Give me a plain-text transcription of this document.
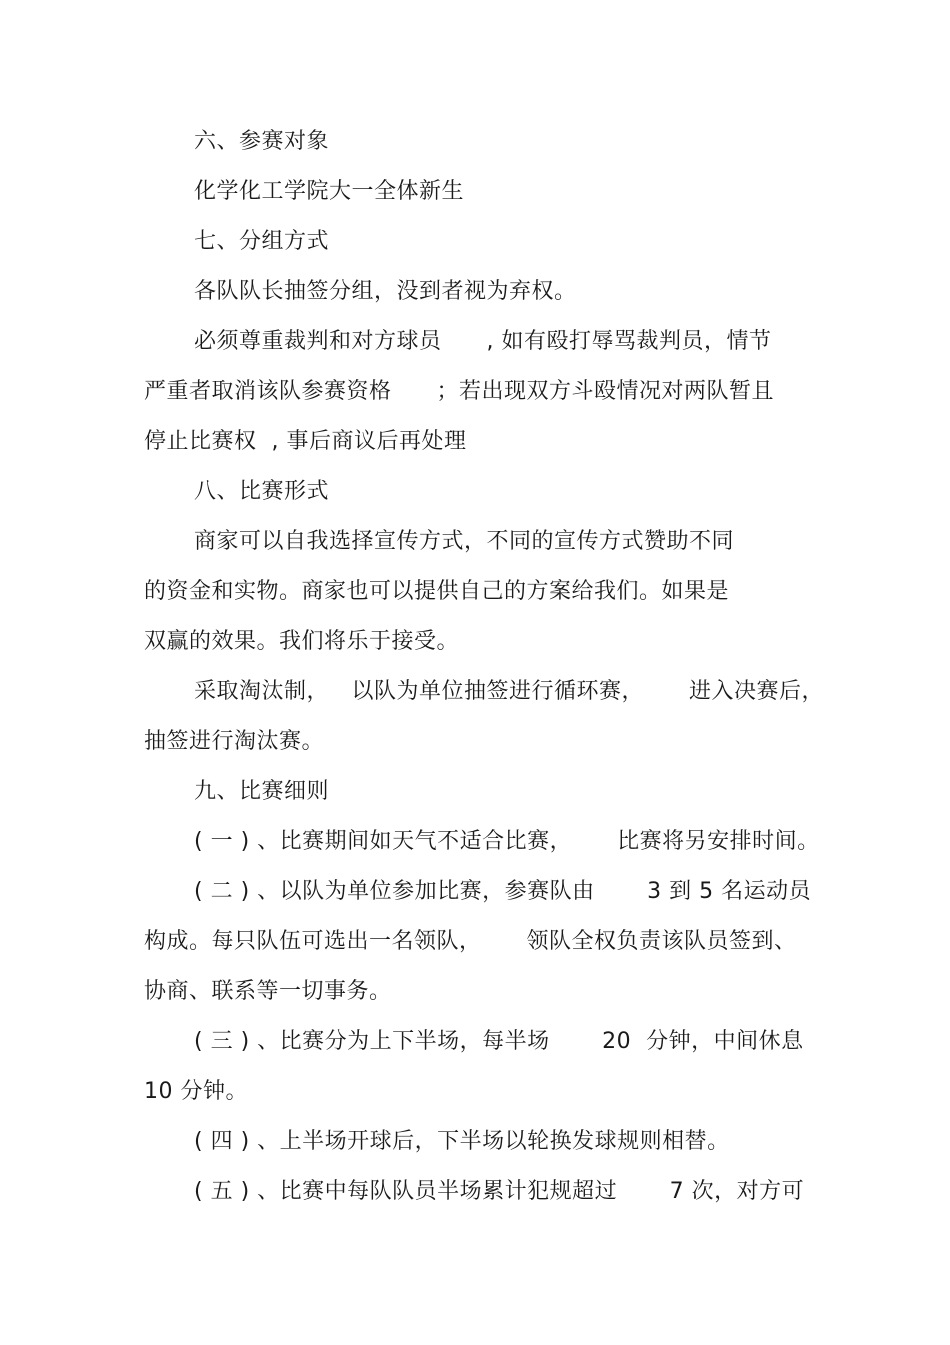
六、参赛对象
化学化工学院大一全体新生
七、分组方式
各队队长抽签分组，没到者视为弃权。
必须尊重裁判和对方球员      , 如有殴打辱骂裁判员，情节
严重者取消该队参赛资格      ；若出现双方斗殴情况对两队暂且
停止比赛权  , 事后商议后再处理
八、比赛形式
商家可以自我选择宣传方式，不同的宣传方式赞助不同
的资金和实物。商家也可以提供自己的方案给我们。如果是
双赢的效果。我们将乐于接受。
采取淘汰制，   以队为单位抽签进行循环赛，      进入决赛后，
抽签进行淘汰赛。
九、比赛细则
( 一 ) 、比赛期间如天气不适合比赛，      比赛将另安排时间。
( 二 ) 、以队为单位参加比赛，参赛队由       3 到 5 名运动员
构成。每只队伍可选出一名领队，      领队全权负责该队员签到、
协商、联系等一切事务。
( 三 ) 、比赛分为上下半场，每半场       20  分钟，中间休息
10 分钟。
( 四 ) 、上半场开球后，下半场以轮换发球规则相替。
( 五 ) 、比赛中每队队员半场累计犯规超过       7 次，对方可
